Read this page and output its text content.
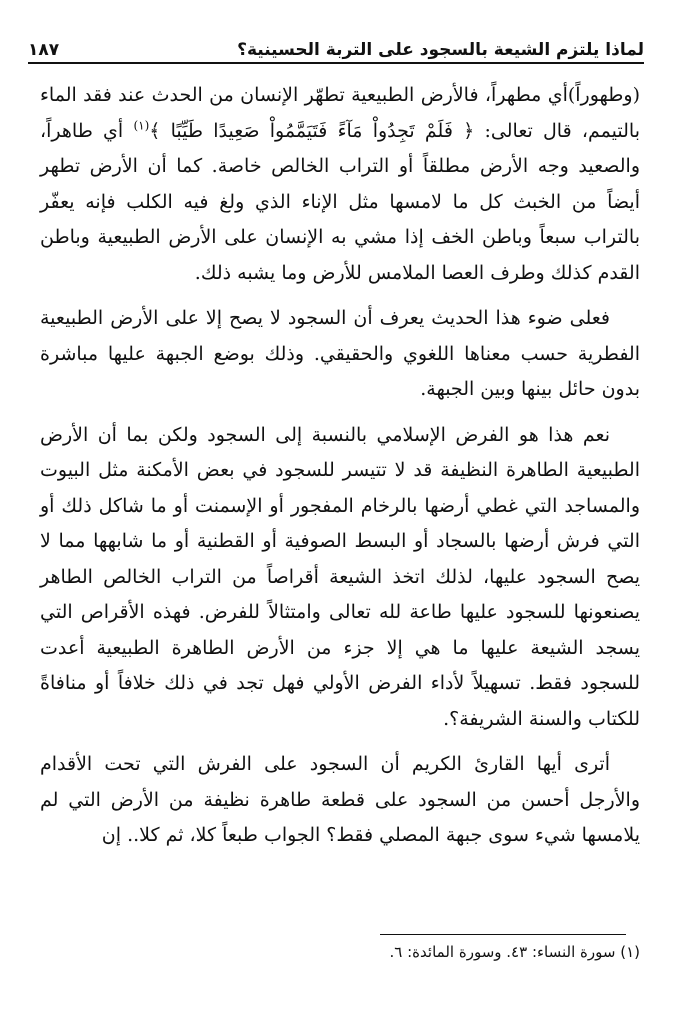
لماذا يلتزم الشيعة بالسجود على التربة الحسينية؟
١٨٧

(وطهوراً)أي مطهراً، فالأرض الطبيعية تطهّر الإنسان من الحدث عند فقد الماء بالتيمم، قال تعالى: ﴿ فَلَمْ تَجِدُواْ مَآءً فَتَيَمَّمُواْ صَعِيدًا طَيِّبًا ﴾$^{(١)}$ أي طاهراً، والصعيد وجه الأرض مطلقاً أو التراب الخالص خاصة. كما أن الأرض تطهر أيضاً من الخبث كل ما لامسها مثل الإناء الذي ولغ فيه الكلب فإنه يعفّر بالتراب سبعاً وباطن الخف إذا مشي به الإنسان على الأرض الطبيعية وباطن القدم كذلك وطرف العصا الملامس للأرض وما يشبه ذلك.

فعلى ضوء هذا الحديث يعرف أن السجود لا يصح إلا على الأرض الطبيعية الفطرية حسب معناها اللغوي والحقيقي. وذلك بوضع الجبهة عليها مباشرة بدون حائل بينها وبين الجبهة.

نعم هذا هو الفرض الإسلامي بالنسبة إلى السجود ولكن بما أن الأرض الطبيعية الطاهرة النظيفة قد لا تتيسر للسجود في بعض الأمكنة مثل البيوت والمساجد التي غطي أرضها بالرخام المفجور أو الإسمنت أو ما شاكل ذلك أو التي فرش أرضها بالسجاد أو البسط الصوفية أو القطنية أو ما شابهها مما لا يصح السجود عليها، لذلك اتخذ الشيعة أقراصاً من التراب الخالص الطاهر يصنعونها للسجود عليها طاعة لله تعالى وامتثالاً للفرض. فهذه الأقراص التي يسجد الشيعة عليها ما هي إلا جزء من الأرض الطاهرة الطبيعية أعدت للسجود فقط. تسهيلاً لأداء الفرض الأولي فهل تجد في ذلك خلافاً أو منافاةً للكتاب والسنة الشريفة؟.

أترى أيها القارئ الكريم أن السجود على الفرش التي تحت الأقدام والأرجل أحسن من السجود على قطعة طاهرة نظيفة من الأرض التي لم يلامسها شيء سوى جبهة المصلي فقط؟ الجواب طبعاً كلا، ثم كلا.. إن

(١) سورة النساء: ٤٣. وسورة المائدة: ٦.
